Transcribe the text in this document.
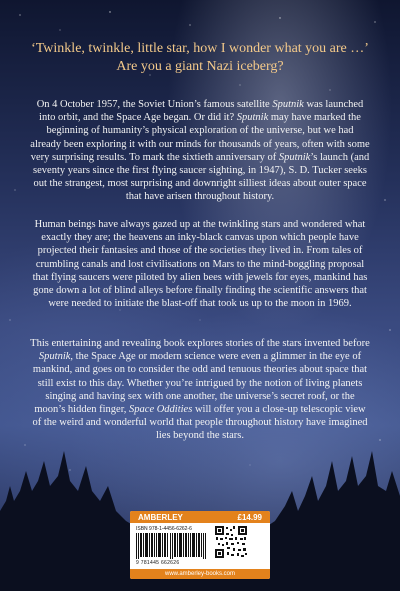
‘Twinkle, twinkle, little star, how I wonder what you are …’
Are you a giant Nazi iceberg?
On 4 October 1957, the Soviet Union’s famous satellite Sputnik was launched into orbit, and the Space Age began. Or did it? Sputnik may have marked the beginning of humanity’s physical exploration of the universe, but we had already been exploring it with our minds for thousands of years, often with some very surprising results. To mark the sixtieth anniversary of Sputnik’s launch (and seventy years since the first flying saucer sighting, in 1947), S. D. Tucker seeks out the strangest, most surprising and downright silliest ideas about outer space that have arisen throughout history.
Human beings have always gazed up at the twinkling stars and wondered what exactly they are; the heavens an inky-black canvas upon which people have projected their fantasies and those of the societies they lived in. From tales of crumbling canals and lost civilisations on Mars to the mind-boggling proposal that flying saucers were piloted by alien bees with jewels for eyes, mankind has gone down a lot of blind alleys before finally finding the scientific answers that were needed to initiate the blast-off that took us up to the moon in 1969.
This entertaining and revealing book explores stories of the stars invented before Sputnik, the Space Age or modern science were even a glimmer in the eye of mankind, and goes on to consider the odd and tenuous theories about space that still exist to this day. Whether you’re intrigued by the notion of living planets singing and having sex with one another, the universe’s secret roof, or the moon’s hidden finger, Space Oddities will offer you a close-up telescopic view of the weird and wonderful world that people throughout history have imagined lies beyond the stars.
AMBERLEY	£14.99
ISBN 978-1-4456-6262-6
9 781445 662626
www.amberley-books.com
